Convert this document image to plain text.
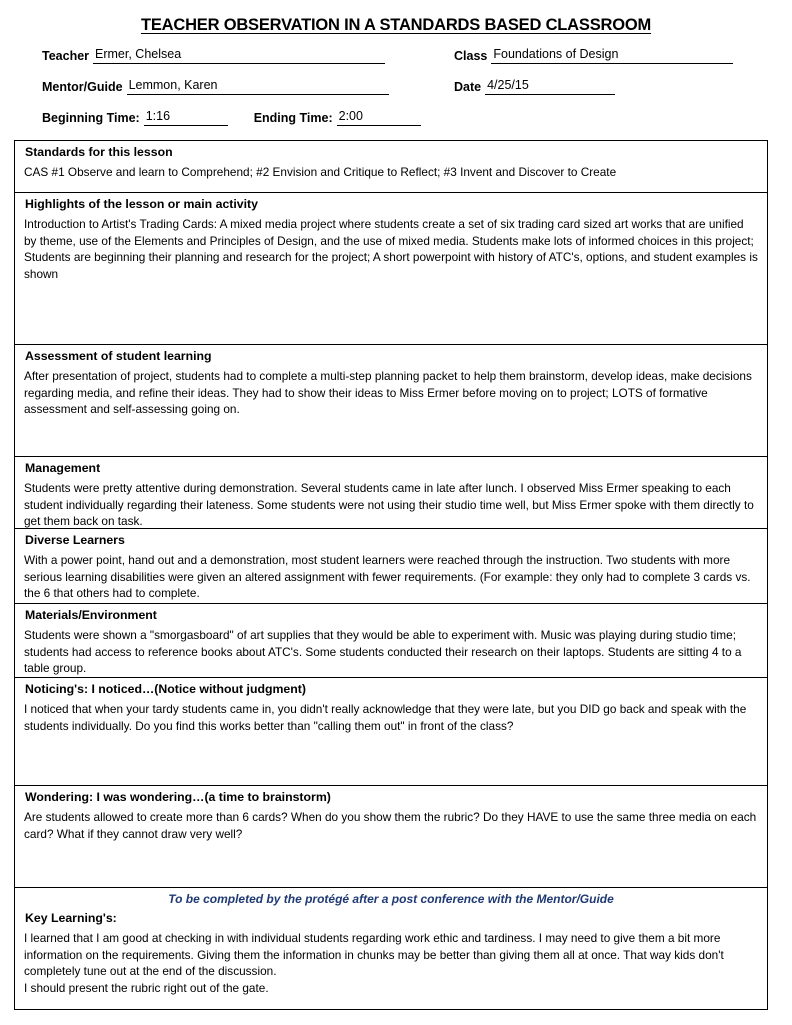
TEACHER OBSERVATION IN A STANDARDS BASED CLASSROOM
Teacher Ermer, Chelsea	Class Foundations of Design
Mentor/Guide Lemmon, Karen	Date 4/25/15
Beginning Time: 1:16	Ending Time: 2:00
Standards for this lesson
CAS #1 Observe and learn to Comprehend; #2 Envision and Critique to Reflect; #3 Invent and Discover to Create
Highlights of the lesson or main activity
Introduction to Artist's Trading Cards: A mixed media project where students create a set of six trading card sized art works that are unified by theme, use of the Elements and Principles of Design, and the use of mixed media. Students make lots of informed choices in this project; Students are beginning their planning and research for the project; A short powerpoint with history of ATC's, options, and student examples is shown
Assessment of student learning
After presentation of project, students had to complete a multi-step planning packet to help them brainstorm, develop ideas, make decisions regarding media, and refine their ideas. They had to show their ideas to Miss Ermer before moving on to project; LOTS of formative assessment and self-assessing going on.
Management
Students were pretty attentive during demonstration. Several students came in late after lunch. I observed Miss Ermer speaking to each student individually regarding their lateness. Some students were not using their studio time well, but Miss Ermer spoke with them directly to get them back on task.
Diverse Learners
With a power point, hand out and a demonstration, most student learners were reached through the instruction. Two students with more serious learning disabilities were given an altered assignment with fewer requirements. (For example: they only had to complete 3 cards vs. the 6 that others had to complete.
Materials/Environment
Students were shown a "smorgasboard" of art supplies that they would be able to experiment with. Music was playing during studio time; students had access to reference books about ATC's. Some students conducted their research on their laptops. Students are sitting 4 to a table group.
Noticing's: I noticed…(Notice without judgment)
I noticed that when your tardy students came in, you didn't really acknowledge that they were late, but you DID go back and speak with the students individually. Do you find this works better than "calling them out" in front of the class?
Wondering: I was wondering…(a time to brainstorm)
Are students allowed to create more than 6 cards? When do you show them the rubric? Do they HAVE to use the same three media on each card? What if they cannot draw very well?
To be completed by the protégé after a post conference with the Mentor/Guide
Key Learning's:

I learned that I am good at checking in with individual students regarding work ethic and tardiness. I may need to give them a bit more information on the requirements. Giving them the information in chunks may be better than giving them all at once. That way kids don't completely tune out at the end of the discussion.

I should present the rubric right out of the gate.
